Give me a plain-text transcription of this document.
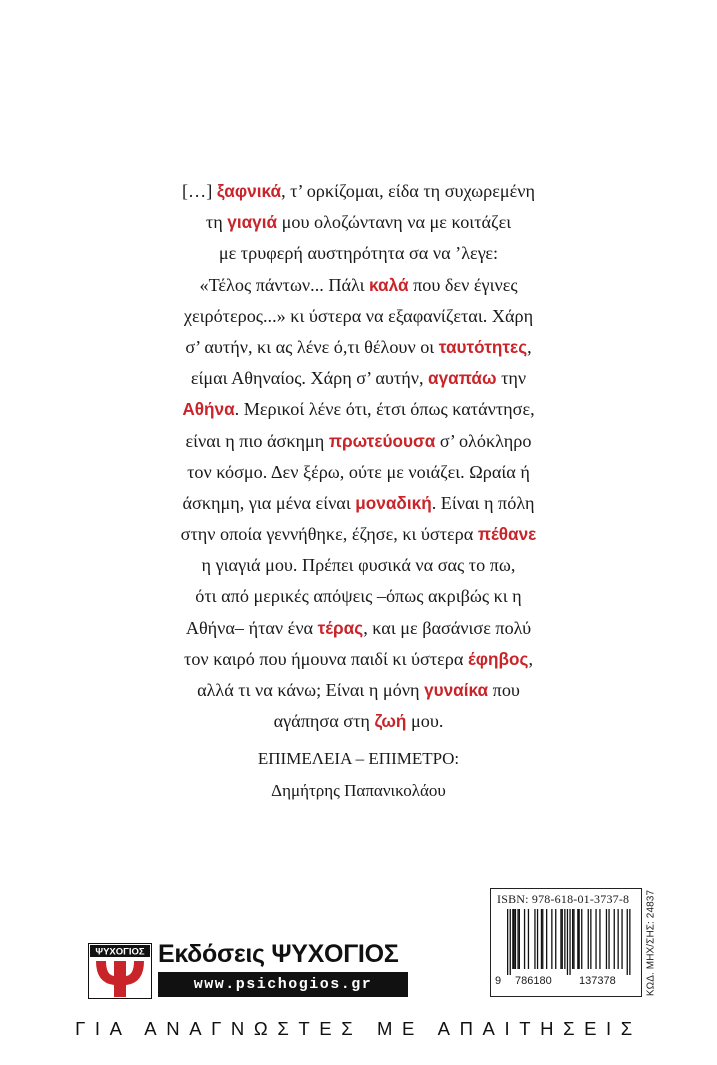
[…] ξαφνικά, τ’ ορκίζομαι, είδα τη συχωρεμένη
τη γιαγιά μου ολοζώντανη να με κοιτάζει
με τρυφερή αυστηρότητα σα να ’λεγε:
«Τέλος πάντων... Πάλι καλά που δεν έγινες
χειρότερος...» κι ύστερα να εξαφανίζεται. Χάρη
σ’ αυτήν, κι ας λένε ό,τι θέλουν οι ταυτότητες,
είμαι Αθηναίος. Χάρη σ’ αυτήν, αγαπάω την
Αθήνα. Μερικοί λένε ότι, έτσι όπως κατάντησε,
είναι η πιο άσκημη πρωτεύουσα σ’ ολόκληρο
τον κόσμο. Δεν ξέρω, ούτε με νοιάζει. Ωραία ή
άσκημη, για μένα είναι μοναδική. Είναι η πόλη
στην οποία γεννήθηκε, έζησε, κι ύστερα πέθανε
η γιαγιά μου. Πρέπει φυσικά να σας το πω,
ότι από μερικές απόψεις –όπως ακριβώς κι η
Αθήνα– ήταν ένα τέρας, και με βασάνισε πολύ
τον καιρό που ήμουνα παιδί κι ύστερα έφηβος,
αλλά τι να κάνω; Είναι η μόνη γυναίκα που
αγάπησα στη ζωή μου.
ΕΠΙΜΕΛΕΙΑ – ΕΠΙΜΕΤΡΟ:
Δημήτρης Παπανικολάου
ISBN: 978-618-01-3737-8
9 786180 137378	ΚΩΔ. ΜΗΧ/ΣΗΣ: 24837
ΨΥΧΟΓΙΟΣ Εκδόσεις ΨΥΧΟΓΙΟΣ
www.psichogios.gr
ΓΙΑ ΑΝΑΓΝΩΣΤΕΣ ΜΕ ΑΠΑΙΤΗΣΕΙΣ
